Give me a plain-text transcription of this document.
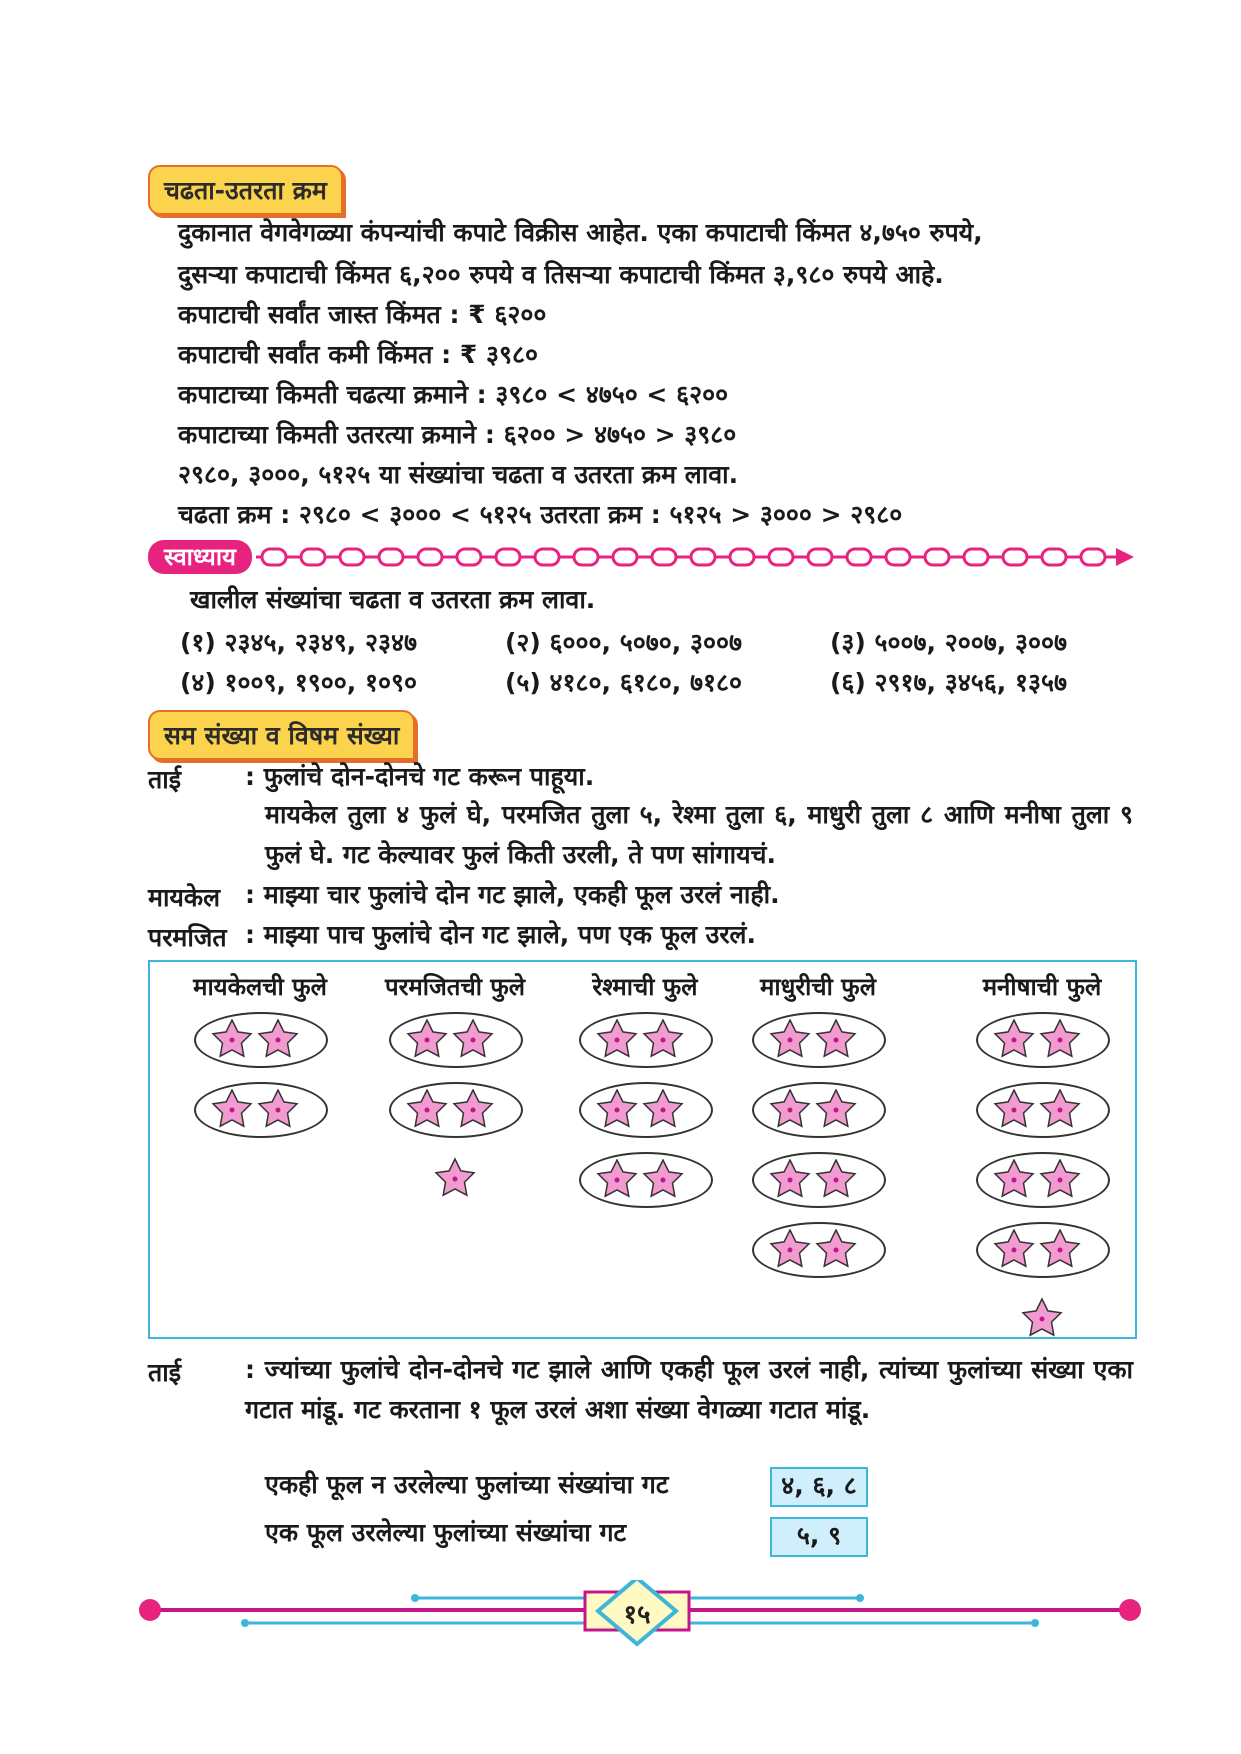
चढता-उतरता क्रम
दुकानात वेगवेगळ्या कंपन्यांची कपाटे विक्रीस आहेत. एका कपाटाची किंमत ४,७५० रुपये,
दुसऱ्या कपाटाची किंमत ६,२०० रुपये व तिसऱ्या कपाटाची किंमत ३,९८० रुपये आहे.
कपाटाची सर्वांत जास्त किंमत : ₹ ६२००
कपाटाची सर्वांत कमी किंमत : ₹ ३९८०
कपाटाच्या किमती चढत्या क्रमाने : ३९८० < ४७५० < ६२००
कपाटाच्या किमती उतरत्या क्रमाने : ६२०० > ४७५० > ३९८०
२९८०, ३०००, ५१२५ या संख्यांचा चढता व उतरता क्रम लावा.
चढता क्रम : २९८० < ३००० < ५१२५ उतरता क्रम : ५१२५ > ३००० > २९८०
स्वाध्याय
खालील संख्यांचा चढता व उतरता क्रम लावा.
(१) २३४५, २३४९, २३४७	(२) ६०००, ५०७०, ३००७	(३) ५००७, २००७, ३००७
(४) १००९, १९००, १०९०	(५) ४१८०, ६१८०, ७१८०	(६) २९१७, ३४५६, १३५७
सम संख्या व विषम संख्या
ताई	: फुलांचे दोन-दोनचे गट करून पाहूया.
मायकेल तुला ४ फुलं घे, परमजित तुला ५, रेश्मा तुला ६, माधुरी तुला ८ आणि मनीषा तुला ९ फुलं घे. गट केल्यावर फुलं किती उरली, ते पण सांगायचं.
मायकेल : माझ्या चार फुलांचे दोन गट झाले, एकही फूल उरलं नाही.
परमजित : माझ्या पाच फुलांचे दोन गट झाले, पण एक फूल उरलं.
मायकेलची फुले	परमजितची फुले	रेश्माची फुले	माधुरीची फुले	मनीषाची फुले
ताई	: ज्यांच्या फुलांचे दोन-दोनचे गट झाले आणि एकही फूल उरलं नाही, त्यांच्या फुलांच्या संख्या एका गटात मांडू. गट करताना १ फूल उरलं अशा संख्या वेगळ्या गटात मांडू.
एकही फूल न उरलेल्या फुलांच्या संख्यांचा गट	४, ६, ८
एक फूल उरलेल्या फुलांच्या संख्यांचा गट	५, ९
१५
